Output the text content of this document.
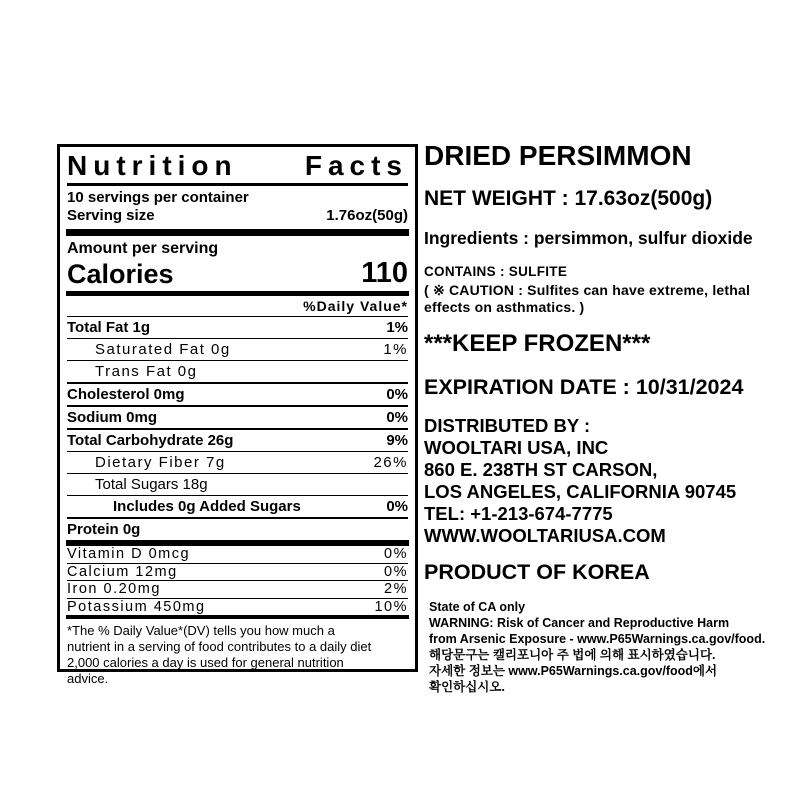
Nutrition Facts
10 servings per container
Serving size	1.76oz(50g)
Amount per serving
Calories	110
%Daily Value*
Total Fat 1g	1%
Saturated Fat 0g	1%
Trans Fat 0g
Cholesterol 0mg	0%
Sodium 0mg	0%
Total Carbohydrate 26g	9%
Dietary Fiber 7g	26%
Total Sugars 18g
Includes 0g Added Sugars	0%
Protein 0g
Vitamin D 0mcg	0%
Calcium 12mg	0%
Iron 0.20mg	2%
Potassium 450mg	10%
*The % Daily Value*(DV) tells you how much a
nutrient in a serving of food contributes to a daily diet
2,000 calories a day is used for general nutrition
advice.
DRIED PERSIMMON
NET WEIGHT : 17.63oz(500g)
Ingredients : persimmon, sulfur dioxide
CONTAINS : SULFITE
( ※ CAUTION : Sulfites can have extreme, lethal
effects on asthmatics. )
***KEEP FROZEN***
EXPIRATION DATE : 10/31/2024
DISTRIBUTED BY :
WOOLTARI USA, INC
860 E. 238TH ST CARSON,
LOS ANGELES, CALIFORNIA 90745
TEL: +1-213-674-7775
WWW.WOOLTARIUSA.COM
PRODUCT OF KOREA
State of CA only
WARNING: Risk of Cancer and Reproductive Harm
from Arsenic Exposure - www.P65Warnings.ca.gov/food.
해당문구는 캘리포니아 주 법에 의해 표시하였습니다.
자세한 정보는 www.P65Warnings.ca.gov/food에서
확인하십시오.
